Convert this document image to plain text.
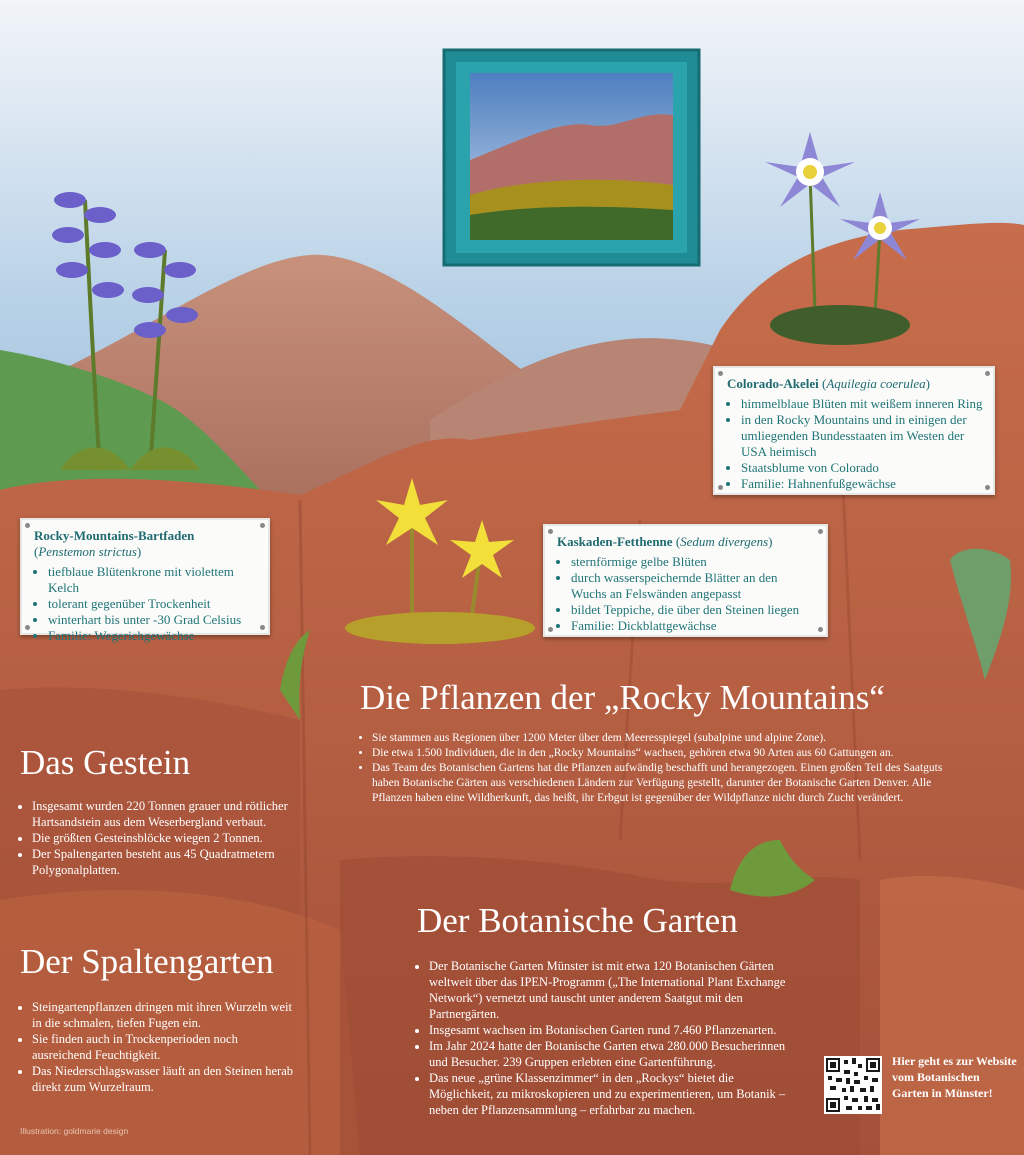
Colorado-Akelei (Aquilegia coerulea)
• himmelblaue Blüten mit weißem inneren Ring
• in den Rocky Mountains und in einigen der umliegenden Bundesstaaten im Westen der USA heimisch
• Staatsblume von Colorado
• Familie: Hahnenfußgewächse
Rocky-Mountains-Bartfaden
(Penstemon strictus)
• tiefblaue Blütenkrone mit violettem Kelch
• tolerant gegenüber Trockenheit
• winterhart bis unter -30 Grad Celsius
• Familie: Wegerichgewächse
Kaskaden-Fetthenne (Sedum divergens)
• sternförmige gelbe Blüten
• durch wasserspeichernde Blätter an den Wuchs an Felswänden angepasst
• bildet Teppiche, die über den Steinen liegen
• Familie: Dickblattgewächse
Die Pflanzen der „Rocky Mountains“
• Sie stammen aus Regionen über 1200 Meter über dem Meeresspiegel (subalpine und alpine Zone).
• Die etwa 1.500 Individuen, die in den „Rocky Mountains“ wachsen, gehören etwa 90 Arten aus 60 Gattungen an.
• Das Team des Botanischen Gartens hat die Pflanzen aufwändig beschafft und herangezogen. Einen großen Teil des Saatguts haben Botanische Gärten aus verschiedenen Ländern zur Verfügung gestellt, darunter der Botanische Garten Denver. Alle Pflanzen haben eine Wildherkunft, das heißt, ihr Erbgut ist gegenüber der Wildpflanze nicht durch Zucht verändert.
Das Gestein
• Insgesamt wurden 220 Tonnen grauer und rötlicher Hartsandstein aus dem Weserbergland verbaut.
• Die größten Gesteinsblöcke wiegen 2 Tonnen.
• Der Spaltengarten besteht aus 45 Quadratmetern Polygonalplatten.
Der Spaltengarten
• Steingartenpflanzen dringen mit ihren Wurzeln weit in die schmalen, tiefen Fugen ein.
• Sie finden auch in Trockenperioden noch ausreichend Feuchtigkeit.
• Das Niederschlagswasser läuft an den Steinen herab direkt zum Wurzelraum.
Der Botanische Garten
• Der Botanische Garten Münster ist mit etwa 120 Botanischen Gärten weltweit über das IPEN-Programm („The International Plant Exchange Network“) vernetzt und tauscht unter anderem Saatgut mit den Partnergärten.
• Insgesamt wachsen im Botanischen Garten rund 7.460 Pflanzenarten.
• Im Jahr 2024 hatte der Botanische Garten etwa 280.000 Besucherinnen und Besucher. 239 Gruppen erlebten eine Gartenführung.
• Das neue „grüne Klassenzimmer“ in den „Rockys“ bietet die Möglichkeit, zu mikroskopieren und zu experimentieren, um Botanik – neben der Pflanzensammlung – erfahrbar zu machen.
Hier geht es zur Website vom Botanischen Garten in Münster!
Illustration: goldmarie design
